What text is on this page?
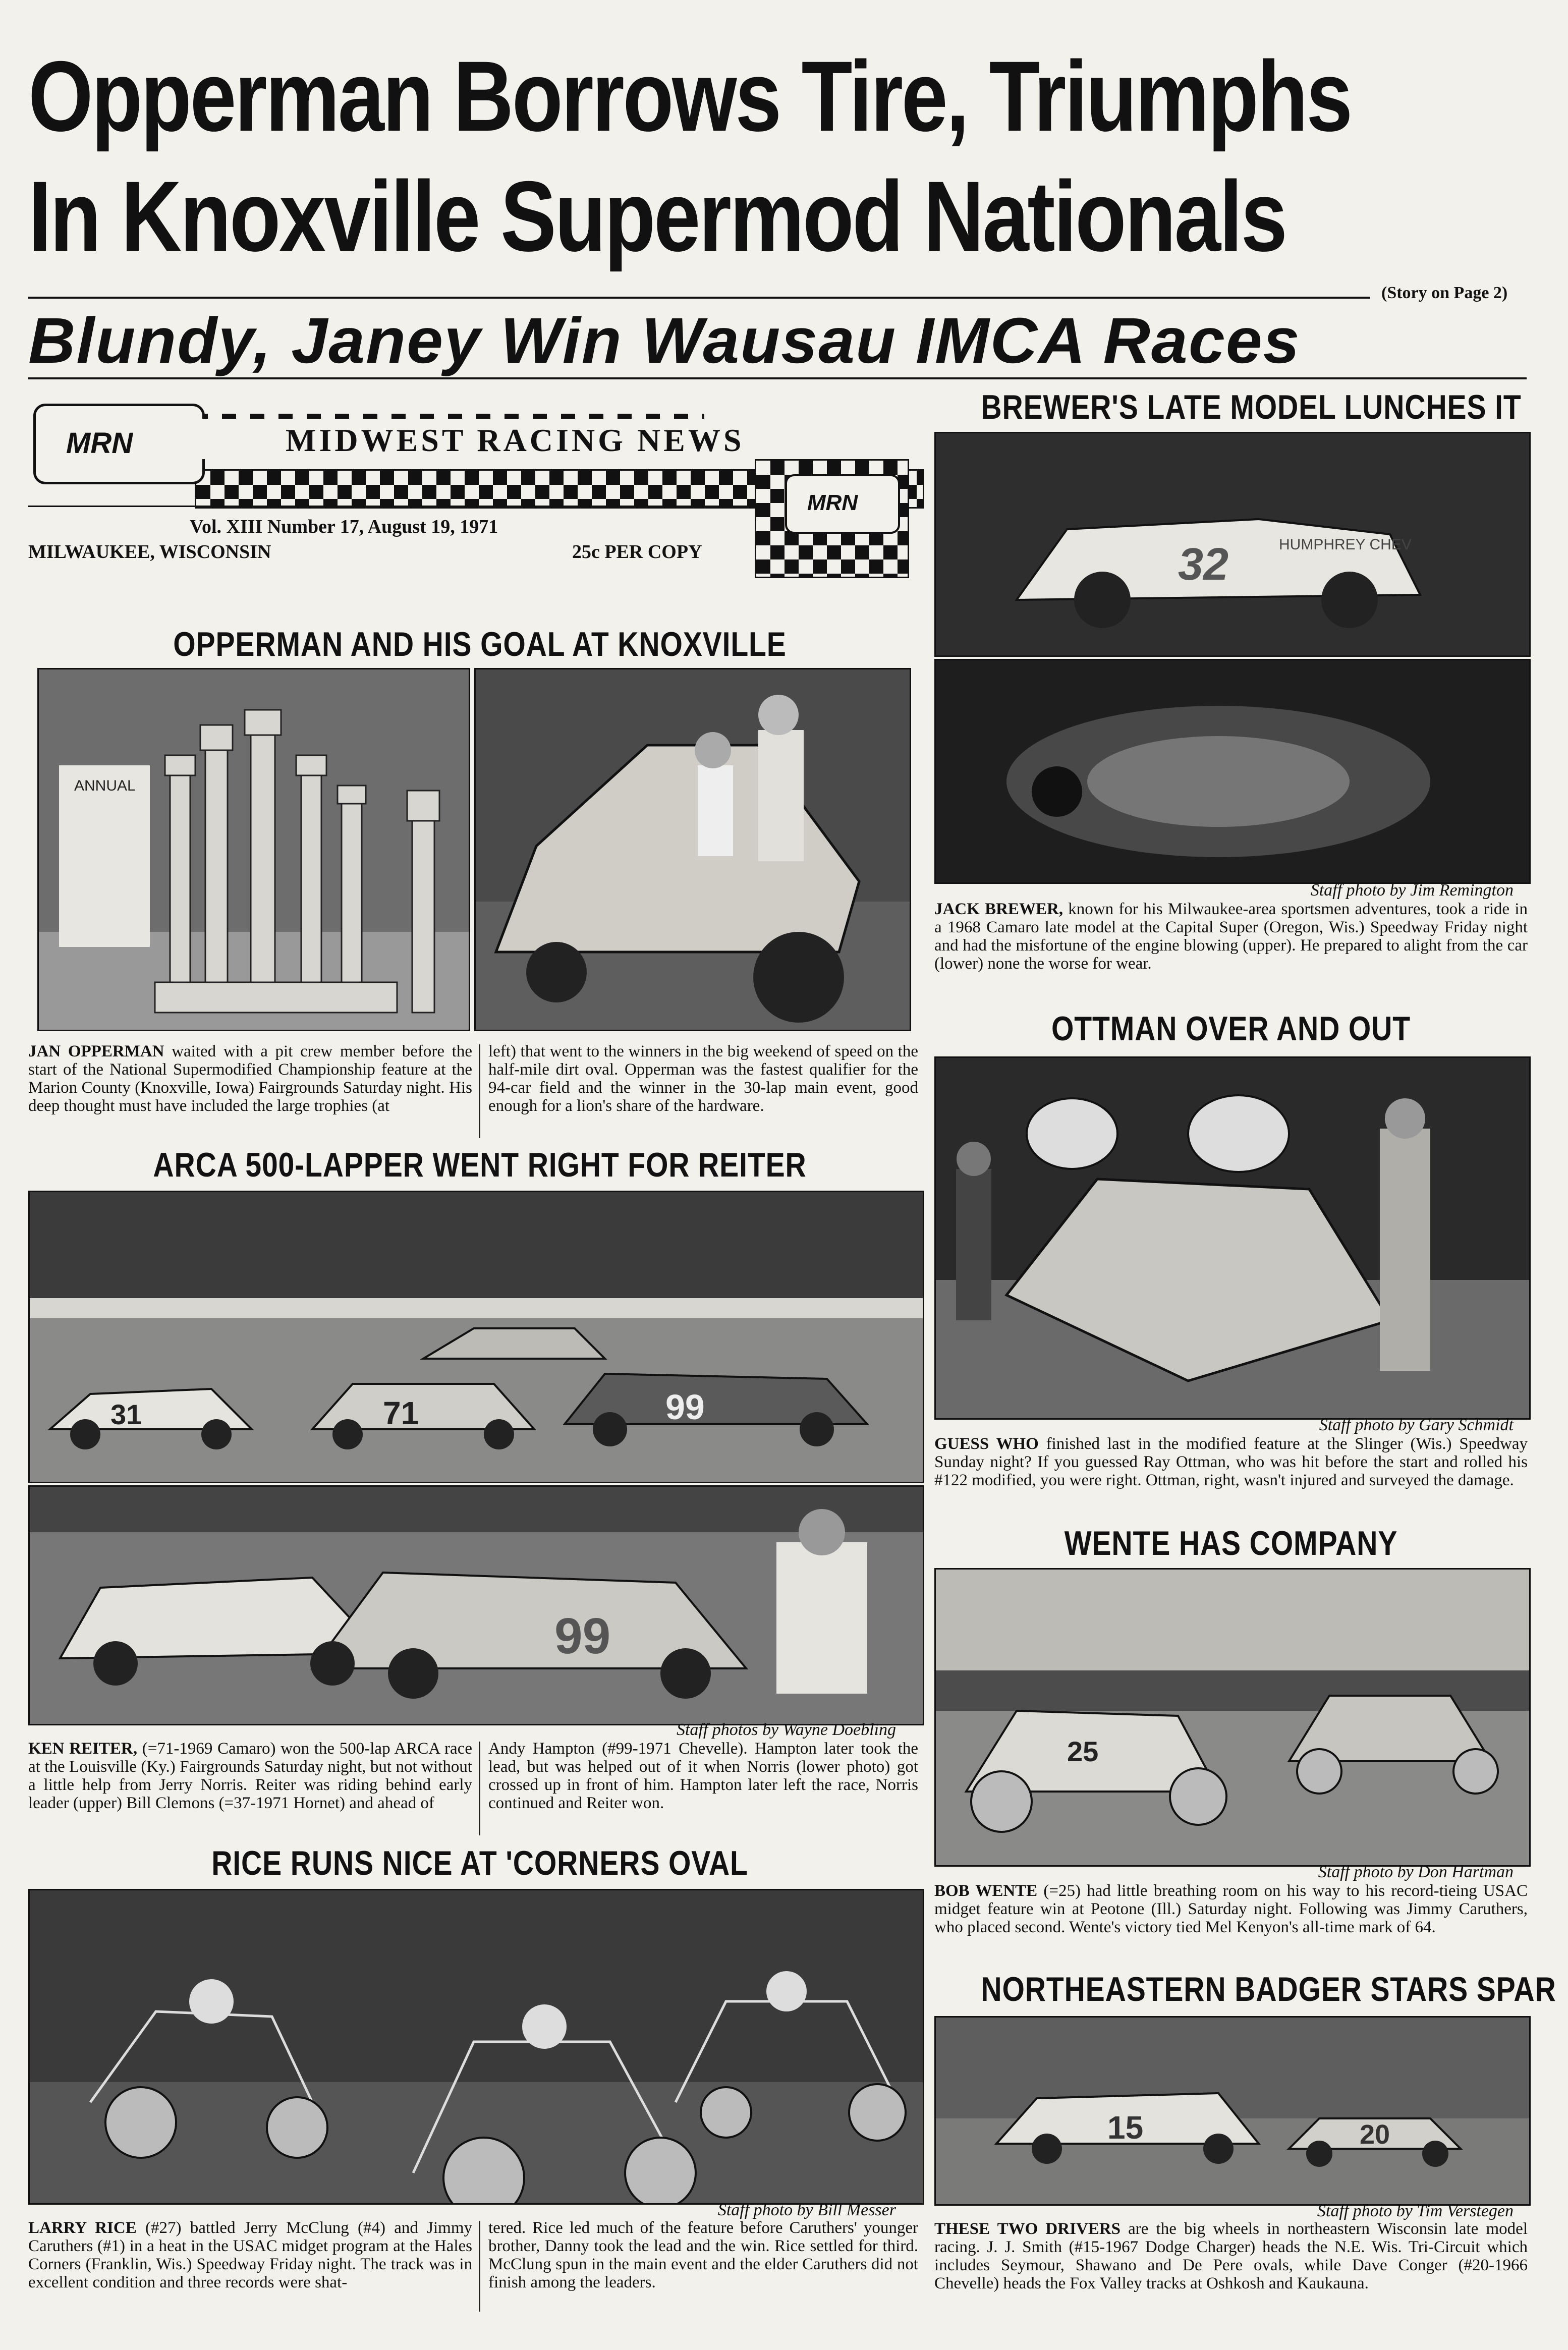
Opperman Borrows Tire, Triumphs
In Knoxville Supermod Nationals
(Story on Page 2)
Blundy, Janey Win Wausau IMCA Races
MRN
MRN
MIDWEST RACING NEWS
Vol. XIII Number 17, August 19, 1971
MILWAUKEE, WISCONSIN	25c PER COPY
OPPERMAN AND HIS GOAL AT KNOXVILLE
ANNUAL
JAN OPPERMAN waited with a pit crew member before the start of the National Supermodified Championship feature at the Marion County (Knoxville, Iowa) Fairgrounds Saturday night. His deep thought must have included the large trophies (at
left) that went to the winners in the big weekend of speed on the half-mile dirt oval. Opperman was the fastest qualifier for the 94-car field and the winner in the 30-lap main event, good enough for a lion's share of the hardware.
ARCA 500-LAPPER WENT RIGHT FOR REITER
31	71	99
99
Staff photos by Wayne Doebling
KEN REITER, (=71-1969 Camaro) won the 500-lap ARCA race at the Louisville (Ky.) Fairgrounds Saturday night, but not without a little help from Jerry Norris. Reiter was riding behind early leader (upper) Bill Clemons (=37-1971 Hornet) and ahead of
Andy Hampton (#99-1971 Chevelle). Hampton later took the lead, but was helped out of it when Norris (lower photo) got crossed up in front of him. Hampton later left the race, Norris continued and Reiter won.
RICE RUNS NICE AT 'CORNERS OVAL
Staff photo by Bill Messer
LARRY RICE (#27) battled Jerry McClung (#4) and Jimmy Caruthers (#1) in a heat in the USAC midget program at the Hales Corners (Franklin, Wis.) Speedway Friday night. The track was in excellent condition and three records were shat-
tered. Rice led much of the feature before Caruthers' younger brother, Danny took the lead and the win. Rice settled for third. McClung spun in the main event and the elder Caruthers did not finish among the leaders.
BREWER'S LATE MODEL LUNCHES IT
32	HUMPHREY CHEV
Staff photo by Jim Remington
JACK BREWER, known for his Milwaukee-area sportsmen adventures, took a ride in a 1968 Camaro late model at the Capital Super (Oregon, Wis.) Speedway Friday night and had the misfortune of the engine blowing (upper). He prepared to alight from the car (lower) none the worse for wear.
OTTMAN OVER AND OUT
Staff photo by Gary Schmidt
GUESS WHO finished last in the modified feature at the Slinger (Wis.) Speedway Sunday night? If you guessed Ray Ottman, who was hit before the start and rolled his #122 modified, you were right. Ottman, right, wasn't injured and surveyed the damage.
WENTE HAS COMPANY
25
Staff photo by Don Hartman
BOB WENTE (=25) had little breathing room on his way to his record-tieing USAC midget feature win at Peotone (Ill.) Saturday night. Following was Jimmy Caruthers, who placed second. Wente's victory tied Mel Kenyon's all-time mark of 64.
NORTHEASTERN BADGER STARS SPAR
15	20
Staff photo by Tim Verstegen
THESE TWO DRIVERS are the big wheels in northeastern Wisconsin late model racing. J. J. Smith (#15-1967 Dodge Charger) heads the N.E. Wis. Tri-Circuit which includes Seymour, Shawano and De Pere ovals, while Dave Conger (#20-1966 Chevelle) heads the Fox Valley tracks at Oshkosh and Kaukauna.
